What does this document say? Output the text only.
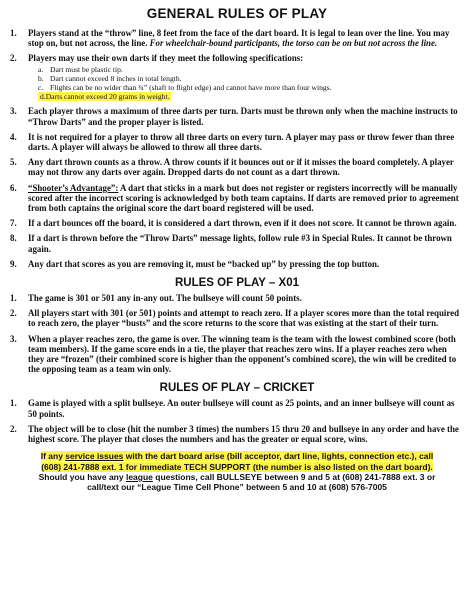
GENERAL RULES OF PLAY
1.	Players stand at the “throw” line, 8 feet from the face of the dart board. It is legal to lean over the line. You may stop on, but not across, the line. For wheelchair-bound participants, the torso can be on but not across the line.
2.	Players may use their own darts if they meet the following specifications:
a. Dart must be plastic tip.
b. Dart cannot exceed 8 inches in total length.
c. Flights can be no wider than ¾” (shaft to flight edge) and cannot have more than four wings.
d.Darts cannot exceed 20 grams in weight.
3.	Each player throws a maximum of three darts per turn. Darts must be thrown only when the machine instructs to “Throw Darts” and the proper player is listed.
4.	It is not required for a player to throw all three darts on every turn. A player may pass or throw fewer than three darts. A player will always be allowed to throw all three darts.
5.	Any dart thrown counts as a throw. A throw counts if it bounces out or if it misses the board completely. A player may not throw any darts over again. Dropped darts do not count as a dart thrown.
6.	“Shooter’s Advantage”: A dart that sticks in a mark but does not register or registers incorrectly will be manually scored after the incorrect scoring is acknowledged by both team captains. If darts are removed prior to agreement from both captains the original score the dart board registered will be used.
7.	If a dart bounces off the board, it is considered a dart thrown, even if it does not score. It cannot be thrown again.
8.	If a dart is thrown before the “Throw Darts” message lights, follow rule #3 in Special Rules. It cannot be thrown again.
9.	Any dart that scores as you are removing it, must be “backed up” by pressing the top button.
RULES OF PLAY – X01
1.	The game is 301 or 501 any in-any out. The bullseye will count 50 points.
2.	All players start with 301 (or 501) points and attempt to reach zero. If a player scores more than the total required to reach zero, the player “busts” and the score returns to the score that was existing at the start of their turn.
3.	When a player reaches zero, the game is over. The winning team is the team with the lowest combined score (both team members). If the game score ends in a tie, the player that reaches zero wins. If a player reaches zero when they are “frozen” (their combined score is higher than the opponent’s combined score), the win will be credited to the opposing team as a team win only.
RULES OF PLAY – CRICKET
1.	Game is played with a split bullseye. An outer bullseye will count as 25 points, and an inner bullseye will count as 50 points.
2.	The object will be to close (hit the number 3 times) the numbers 15 thru 20 and bullseye in any order and have the highest score. The player that closes the numbers and has the greater or equal score, wins.
If any service issues with the dart board arise (bill acceptor, dart line, lights, connection etc.), call
(608) 241-7888 ext. 1 for immediate TECH SUPPORT (the number is also listed on the dart board).
Should you have any league questions, call BULLSEYE between 9 and 5 at (608) 241-7888 ext. 3 or
call/text our “League Time Cell Phone” between 5 and 10 at (608) 576-7005
